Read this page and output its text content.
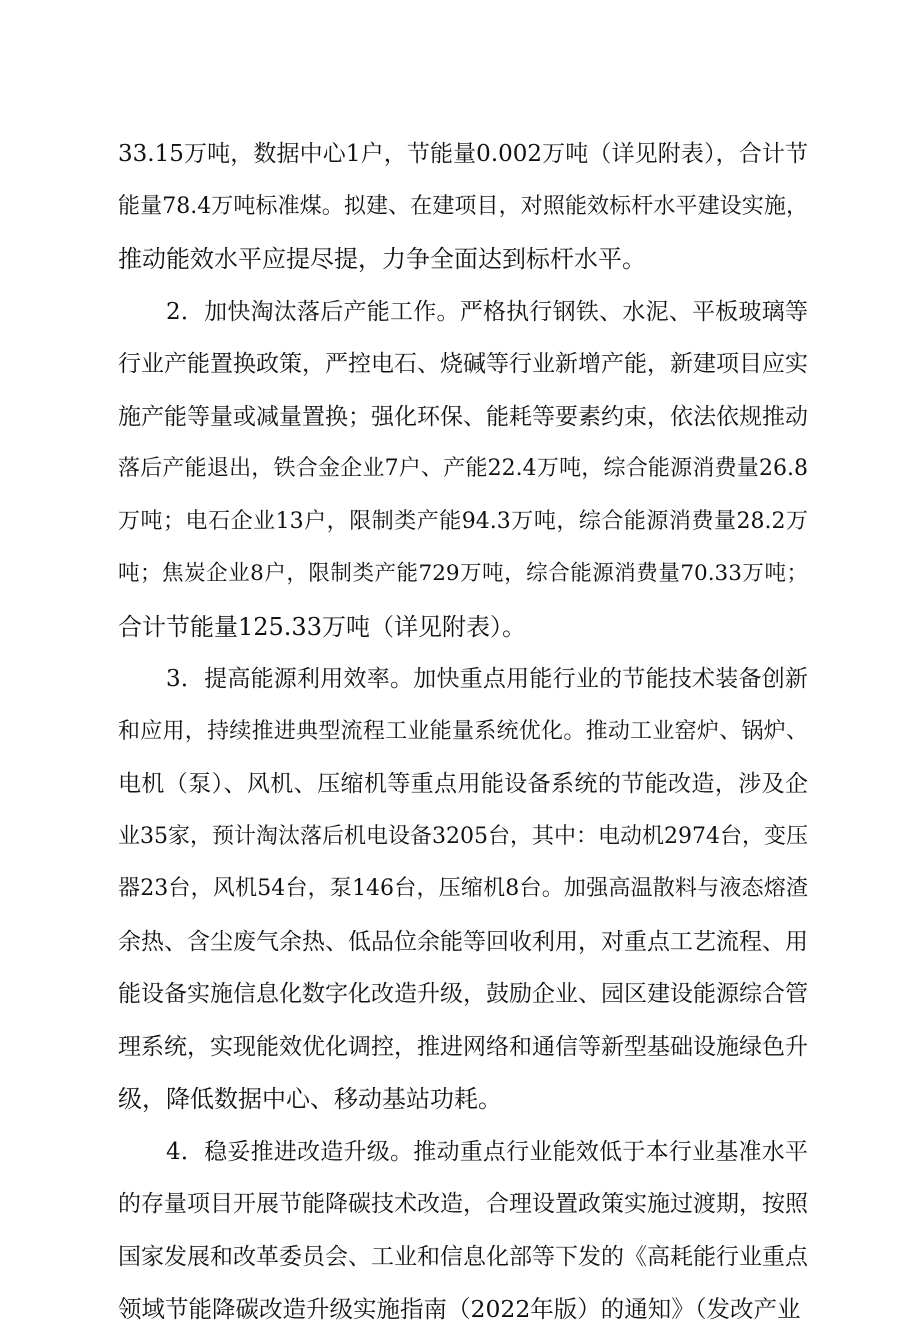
33.15万吨，数据中心1户，节能量0.002万吨（详见附表），合计节
能量78.4万吨标准煤。拟建、在建项目，对照能效标杆水平建设实施，
推动能效水平应提尽提，力争全面达到标杆水平。
2．加快淘汰落后产能工作。严格执行钢铁、水泥、平板玻璃等
行业产能置换政策，严控电石、烧碱等行业新增产能，新建项目应实
施产能等量或减量置换；强化环保、能耗等要素约束，依法依规推动
落后产能退出，铁合金企业7户、产能22.4万吨，综合能源消费量26.8
万吨；电石企业13户，限制类产能94.3万吨，综合能源消费量28.2万
吨；焦炭企业8户，限制类产能729万吨，综合能源消费量70.33万吨；
合计节能量125.33万吨（详见附表）。
3．提高能源利用效率。加快重点用能行业的节能技术装备创新
和应用，持续推进典型流程工业能量系统优化。推动工业窑炉、锅炉、
电机（泵）、风机、压缩机等重点用能设备系统的节能改造，涉及企
业35家，预计淘汰落后机电设备3205台，其中：电动机2974台，变压
器23台，风机54台，泵146台，压缩机8台。加强高温散料与液态熔渣
余热、含尘废气余热、低品位余能等回收利用，对重点工艺流程、用
能设备实施信息化数字化改造升级，鼓励企业、园区建设能源综合管
理系统，实现能效优化调控，推进网络和通信等新型基础设施绿色升
级，降低数据中心、移动基站功耗。
4．稳妥推进改造升级。推动重点行业能效低于本行业基准水平
的存量项目开展节能降碳技术改造，合理设置政策实施过渡期，按照
国家发展和改革委员会、工业和信息化部等下发的《高耗能行业重点
领域节能降碳改造升级实施指南（2022年版）的通知》（发改产业
